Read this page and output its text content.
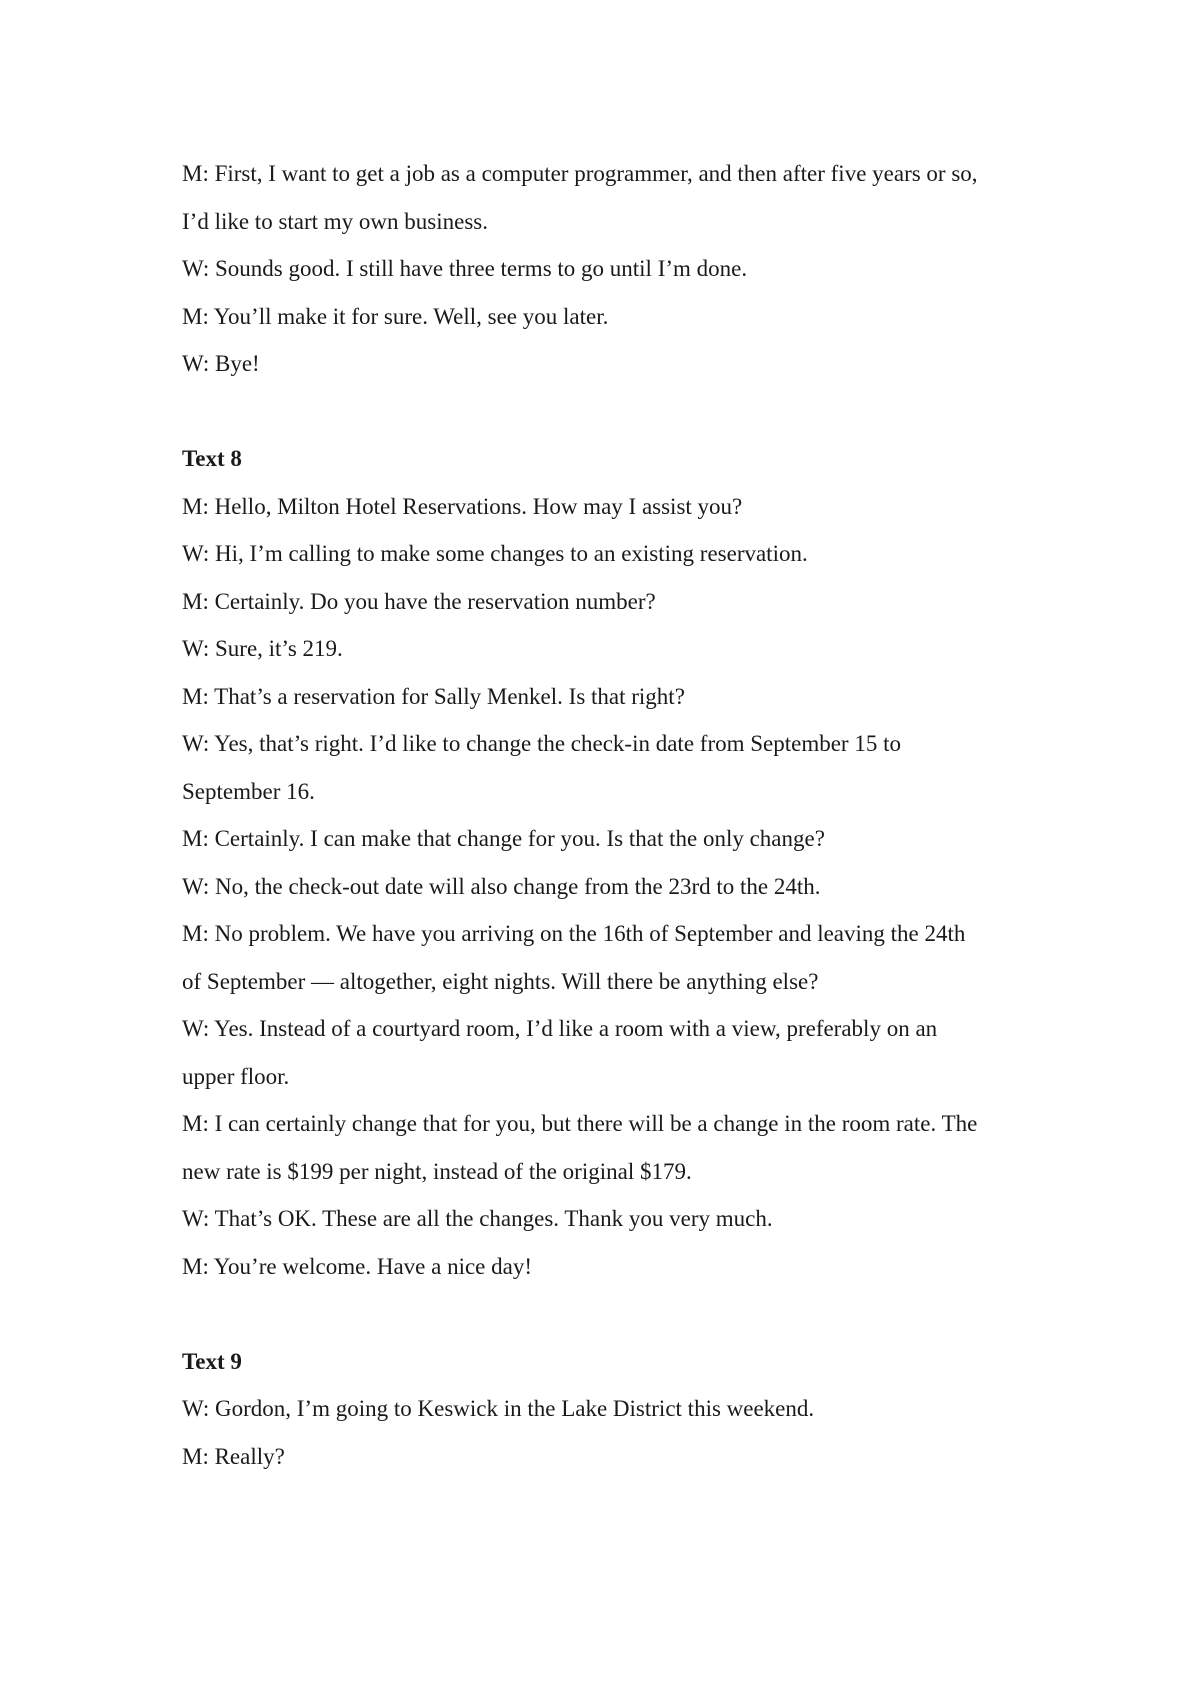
M: First, I want to get a job as a computer programmer, and then after five years or so,
I’d like to start my own business.
W: Sounds good. I still have three terms to go until I’m done.
M: You’ll make it for sure. Well, see you later.
W: Bye!
Text 8
M: Hello, Milton Hotel Reservations. How may I assist you?
W: Hi, I’m calling to make some changes to an existing reservation.
M: Certainly. Do you have the reservation number?
W: Sure, it’s 219.
M: That’s a reservation for Sally Menkel. Is that right?
W: Yes, that’s right. I’d like to change the check-in date from September 15 to
September 16.
M: Certainly. I can make that change for you. Is that the only change?
W: No, the check-out date will also change from the 23rd to the 24th.
M: No problem. We have you arriving on the 16th of September and leaving the 24th
of September — altogether, eight nights. Will there be anything else?
W: Yes. Instead of a courtyard room, I’d like a room with a view, preferably on an
upper floor.
M: I can certainly change that for you, but there will be a change in the room rate. The
new rate is $199 per night, instead of the original $179.
W: That’s OK. These are all the changes. Thank you very much.
M: You’re welcome. Have a nice day!
Text 9
W: Gordon, I’m going to Keswick in the Lake District this weekend.
M: Really?
